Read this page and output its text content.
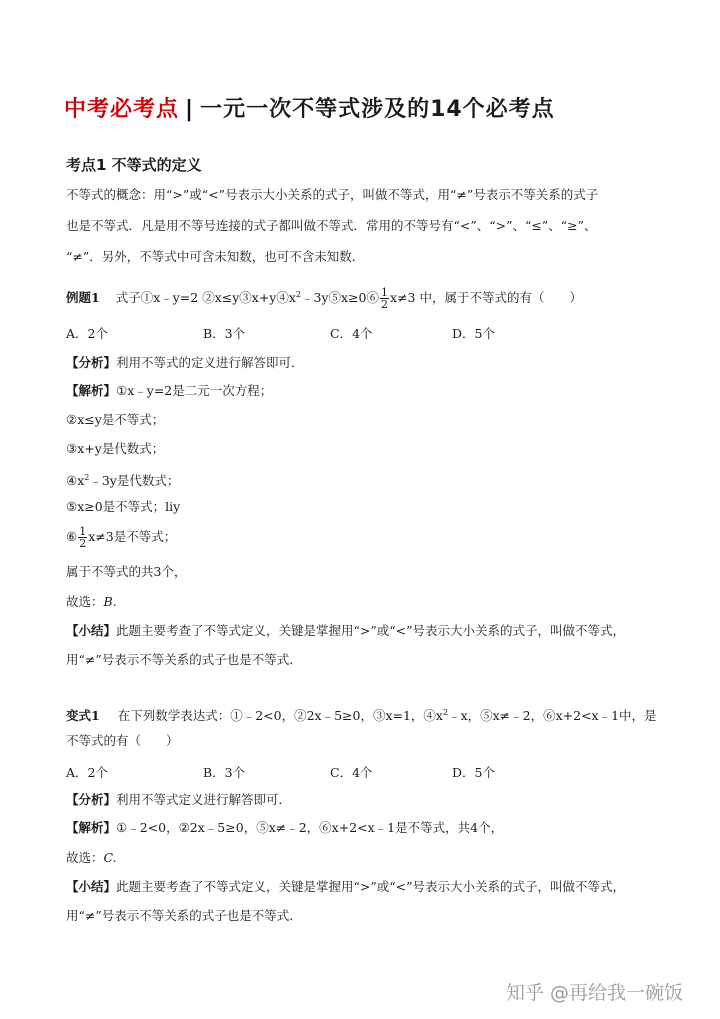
中考必考点 | 一元一次不等式涉及的14个必考点
考点1 不等式的定义
不等式的概念：用“>”或“<”号表示大小关系的式子，叫做不等式，用“≠”号表示不等关系的式子
也是不等式．凡是用不等号连接的式子都叫做不等式．常用的不等号有“<”、“>”、“≤”、“≥”、
“≠”．另外，不等式中可含未知数，也可不含未知数．
例题1 式子①x﹣y=2 $②x\le y③x+y④x^2﹣3y⑤x\ge 0⑥ \frac{1}{2} x\ne 3$ 中，属于不等式的有（　　）
A．2个	B．3个	C．4个	D．5个
【分析】利用不等式的定义进行解答即可．
【解析】①x﹣y=2是二元一次方程；
②x≤y是不等式；
③x+y是代数式；
$④x^2﹣3y$是代数式；
⑤x≥0是不等式；liy
⑥ $\frac{1}{2} x\ne 3$是不等式；
属于不等式的共3个，
故选：B.
【小结】此题主要考查了不等式定义，关键是掌握用“>”或“<”号表示大小关系的式子，叫做不等式，
用“≠”号表示不等关系的式子也是不等式．
变式1 在下列数学表达式：①﹣2<0，②2x﹣5≥0，③x=1，$④x^2﹣x$，⑤x≠﹣2，⑥x+2<x﹣1中，是
不等式的有（　　）
A．2个	B．3个	C．4个	D．5个
【分析】利用不等式定义进行解答即可．
【解析】①﹣2<0，②2x﹣5≥0，⑤x≠﹣2，⑥x+2<x﹣1是不等式，共4个，
故选：C.
【小结】此题主要考查了不等式定义，关键是掌握用“>”或“<”号表示大小关系的式子，叫做不等式，
用“≠”号表示不等关系的式子也是不等式．
知乎 @再给我一碗饭
